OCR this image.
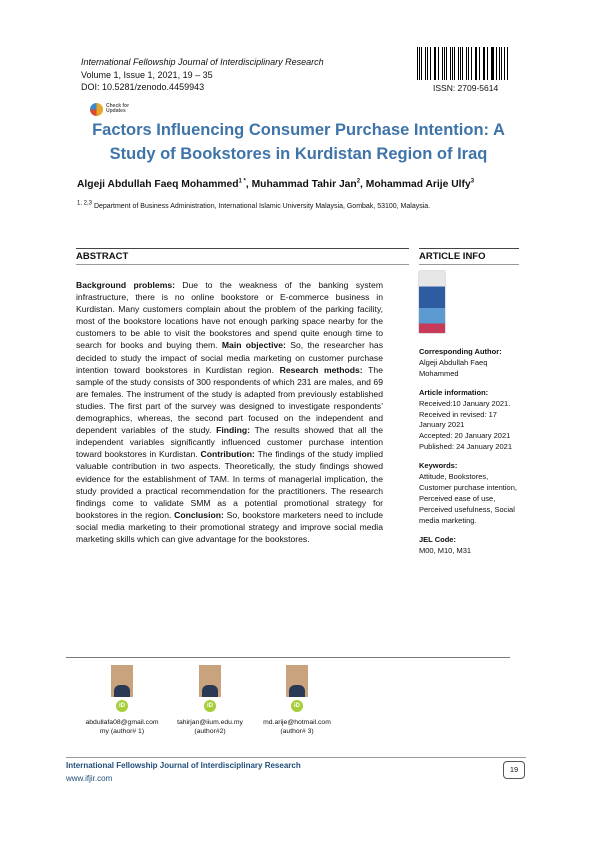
International Fellowship Journal of Interdisciplinary Research
Volume 1, Issue 1, 2021, 19 – 35
DOI: 10.5281/zenodo.4459943	ISSN: 2709-5614
Check for
Updates
Factors Influencing Consumer Purchase Intention: A Study of Bookstores in Kurdistan Region of Iraq
Algeji Abdullah Faeq Mohammed$^{1 *}$, Muhammad Tahir Jan$^2$, Mohammad Arije Ulfy$^3$
$^{1, 2,3}$ Department of Business Administration, International Islamic University Malaysia, Gombak, 53100, Malaysia.
ABSTRACT	ARTICLE INFO
Background problems: Due to the weakness of the banking system infrastructure, there is no online bookstore or E-commerce business in Kurdistan. Many customers complain about the problem of the parking facility, most of the bookstore locations have not enough parking space nearby for the customers to be able to visit the bookstores and spend quite enough time to search for books and buying them. Main objective: So, the researcher has decided to study the impact of social media marketing on customer purchase intention toward bookstores in Kurdistan region. Research methods: The sample of the study consists of 300 respondents of which 231 are males, and 69 are females. The instrument of the study is adapted from previously established studies. The first part of the survey was designed to investigate respondents’ demographics, whereas, the second part focused on the independent and dependent variables of the study. Finding: The results showed that all the independent variables significantly influenced customer purchase intention toward bookstores in Kurdistan. Contribution: The findings of the study implied valuable contribution in two aspects. Theoretically, the study findings showed evidence for the establishment of TAM. In terms of managerial implication, the study provided a practical recommendation for the practitioners. The research findings come to validate SMM as a potential promotional strategy for bookstores in the region. Conclusion: So, bookstore marketers need to include social media marketing to their promotional strategy and improve social media marketing skills which can give advantage for the bookstores.
Corresponding Author:
Algeji Abdullah Faeq Mohammed
Article information:
Received:10 January 2021.
Received in revised: 17 January 2021
Accepted: 20 January 2021
Published: 24 January 2021
Keywords:
Attitude, Bookstores, Customer purchase intention, Perceived ease of use, Perceived usefulness, Social media marketing.
JEL Code:
M00, M10, M31
iD
abdullafa08@gmail.com
my (author# 1)
iD
tahirjan@iium.edu.my
(author#2)
iD
md.arije@hotmail.com
(author# 3)
International Fellowship Journal of Interdisciplinary Research
www.ifjir.com
19
